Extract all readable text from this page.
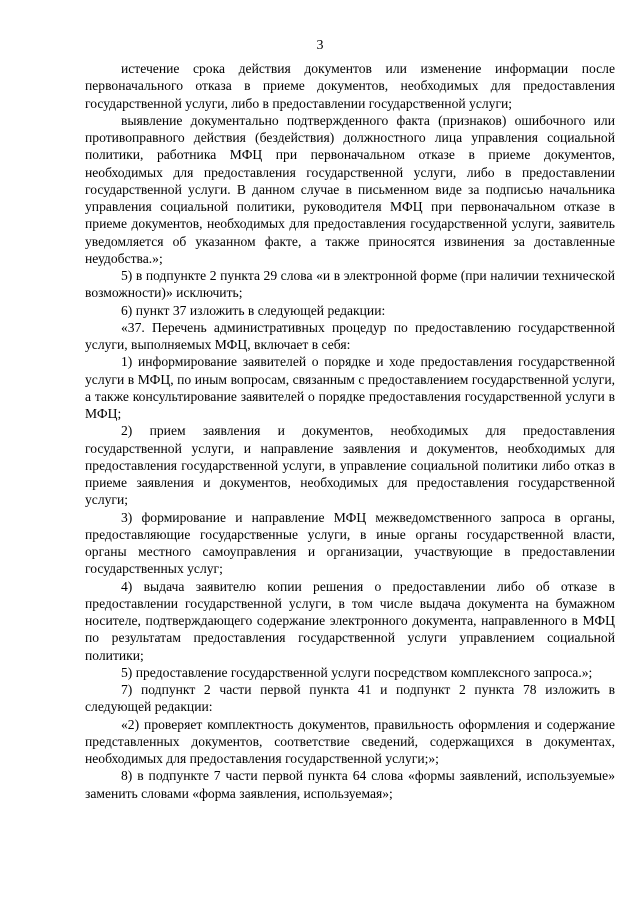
3

истечение срока действия документов или изменение информации после первоначального отказа в приеме документов, необходимых для предоставления государственной услуги, либо в предоставлении государственной услуги;

выявление документально подтвержденного факта (признаков) ошибочного или противоправного действия (бездействия) должностного лица управления социальной политики, работника МФЦ при первоначальном отказе в приеме документов, необходимых для предоставления государственной услуги, либо в предоставлении государственной услуги. В данном случае в письменном виде за подписью начальника управления социальной политики, руководителя МФЦ при первоначальном отказе в приеме документов, необходимых для предоставления государственной услуги, заявитель уведомляется об указанном факте, а также приносятся извинения за доставленные неудобства.»;

5) в подпункте 2 пункта 29 слова «и в электронной форме (при наличии технической возможности)» исключить;

6) пункт 37 изложить в следующей редакции:

«37. Перечень административных процедур по предоставлению государственной услуги, выполняемых МФЦ, включает в себя:

1) информирование заявителей о порядке и ходе предоставления государственной услуги в МФЦ, по иным вопросам, связанным с предоставлением государственной услуги, а также консультирование заявителей о порядке предоставления государственной услуги в МФЦ;

2) прием заявления и документов, необходимых для предоставления государственной услуги, и направление заявления и документов, необходимых для предоставления государственной услуги, в управление социальной политики либо отказ в приеме заявления и документов, необходимых для предоставления государственной услуги;

3) формирование и направление МФЦ межведомственного запроса в органы, предоставляющие государственные услуги, в иные органы государственной власти, органы местного самоуправления и организации, участвующие в предоставлении государственных услуг;

4) выдача заявителю копии решения о предоставлении либо об отказе в предоставлении государственной услуги, в том числе выдача документа на бумажном носителе, подтверждающего содержание электронного документа, направленного в МФЦ по результатам предоставления государственной услуги управлением социальной политики;

5) предоставление государственной услуги посредством комплексного запроса.»;

7) подпункт 2 части первой пункта 41 и подпункт 2 пункта 78 изложить в следующей редакции:

«2) проверяет комплектность документов, правильность оформления и содержание представленных документов, соответствие сведений, содержащихся в документах, необходимых для предоставления государственной услуги;»;

8) в подпункте 7 части первой пункта 64 слова «формы заявлений, используемые» заменить словами «форма заявления, используемая»;
